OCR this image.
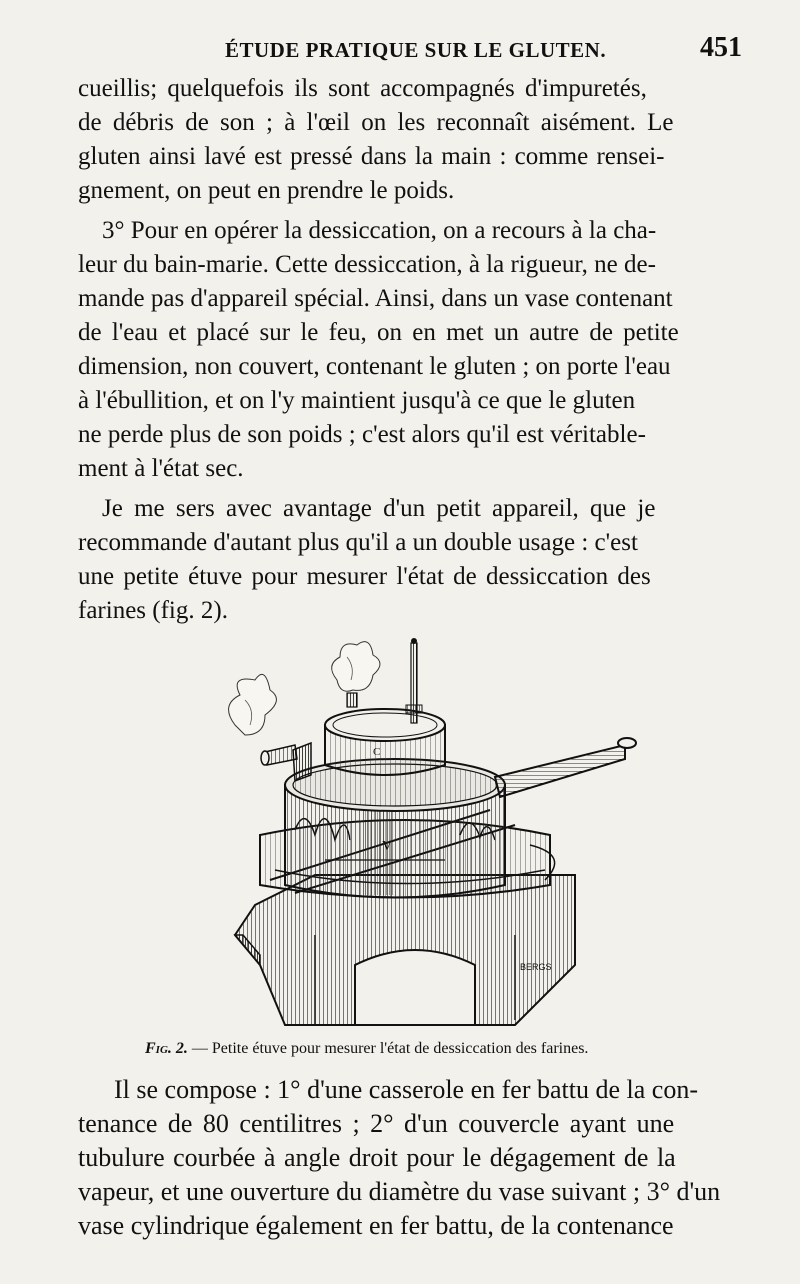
ÉTUDE PRATIQUE SUR LE GLUTEN.	451
cueillis; quelquefois ils sont accompagnés d'impuretés,
de débris de son ; à l'œil on les reconnaît aisément. Le
gluten ainsi lavé est pressé dans la main : comme rensei-
gnement, on peut en prendre le poids.
3° Pour en opérer la dessiccation, on a recours à la cha-
leur du bain-marie. Cette dessiccation, à la rigueur, ne de-
mande pas d'appareil spécial. Ainsi, dans un vase contenant
de l'eau et placé sur le feu, on en met un autre de petite
dimension, non couvert, contenant le gluten ; on porte l'eau
à l'ébullition, et on l'y maintient jusqu'à ce que le gluten
ne perde plus de son poids ; c'est alors qu'il est véritable-
ment à l'état sec.
Je me sers avec avantage d'un petit appareil, que je
recommande d'autant plus qu'il a un double usage : c'est
une petite étuve pour mesurer l'état de dessiccation des
farines (fig. 2).
V
C
BERGS
Fig. 2. — Petite étuve pour mesurer l'état de dessiccation des farines.
Il se compose : 1° d'une casserole en fer battu de la con-
tenance de 80 centilitres ; 2° d'un couvercle ayant une
tubulure courbée à angle droit pour le dégagement de la
vapeur, et une ouverture du diamètre du vase suivant ; 3° d'un
vase cylindrique également en fer battu, de la contenance
